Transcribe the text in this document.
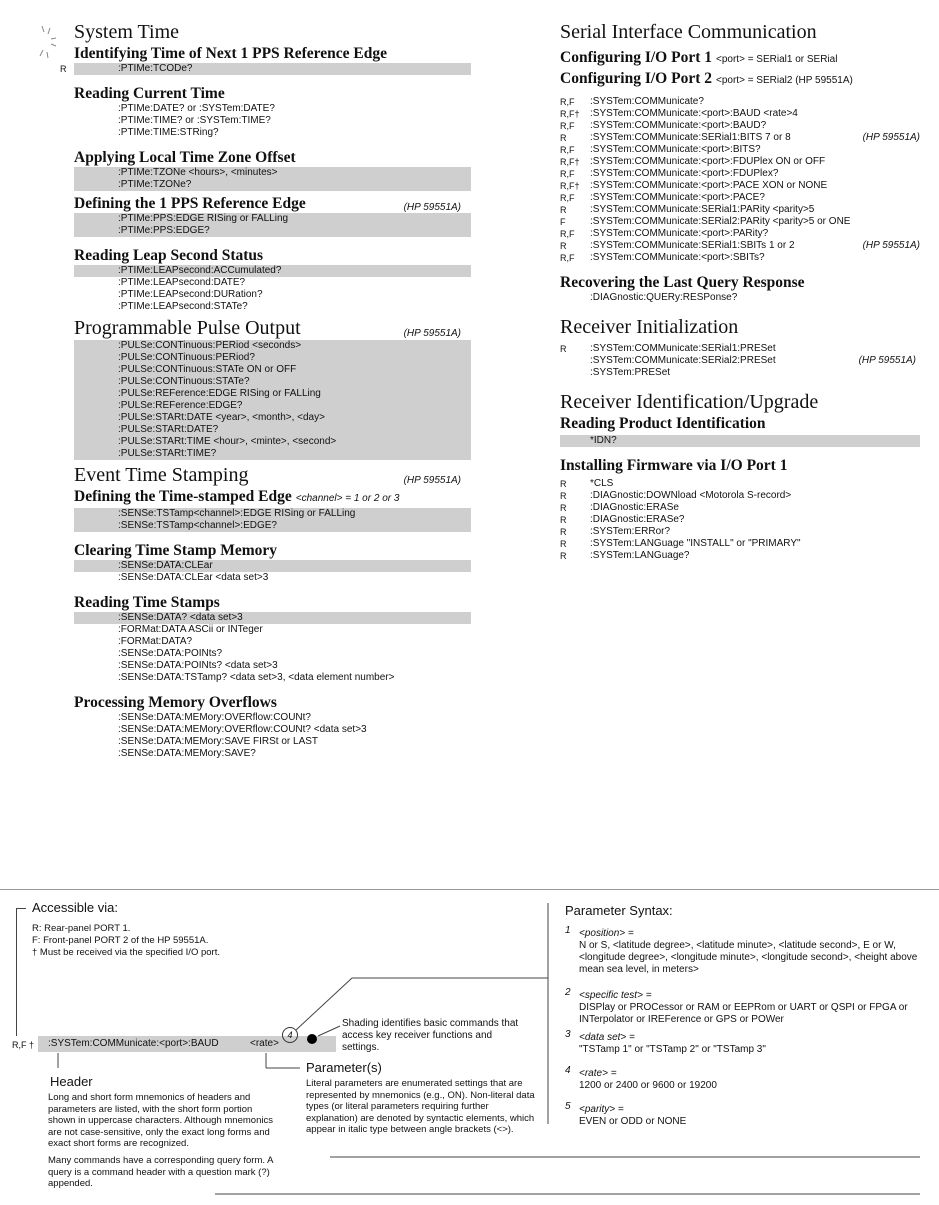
System Time
Identifying Time of Next 1 PPS Reference Edge
R	:PTIMe:TCODe?
Reading Current Time
:PTIMe:DATE? or :SYSTem:DATE?
:PTIMe:TIME? or :SYSTem:TIME?
:PTIMe:TIME:STRing?
Applying Local Time Zone Offset
:PTIMe:TZONe <hours>, <minutes>
:PTIMe:TZONe?
Defining the 1 PPS Reference Edge	(HP 59551A)
:PTIMe:PPS:EDGE RISing or FALLing
:PTIMe:PPS:EDGE?
Reading Leap Second Status
:PTIMe:LEAPsecond:ACCumulated?
:PTIMe:LEAPsecond:DATE?
:PTIMe:LEAPsecond:DURation?
:PTIMe:LEAPsecond:STATe?
Programmable Pulse Output	(HP 59551A)
:PULSe:CONTinuous:PERiod <seconds>
:PULSe:CONTinuous:PERiod?
:PULSe:CONTinuous:STATe ON or OFF
:PULSe:CONTinuous:STATe?
:PULSe:REFerence:EDGE RISing or FALLing
:PULSe:REFerence:EDGE?
:PULSe:STARt:DATE <year>, <month>, <day>
:PULSe:STARt:DATE?
:PULSe:STARt:TIME <hour>, <minte>, <second>
:PULSe:STARt:TIME?
Event Time Stamping	(HP 59551A)
Defining the Time-stamped Edge <channel> = 1 or 2 or 3
:SENSe:TSTamp<channel>:EDGE RISing or FALLing
:SENSe:TSTamp<channel>:EDGE?
Clearing Time Stamp Memory
:SENSe:DATA:CLEar
:SENSe:DATA:CLEar <data set>3
Reading Time Stamps
:SENSe:DATA? <data set>3
:FORMat:DATA ASCii or INTeger
:FORMat:DATA?
:SENSe:DATA:POINts?
:SENSe:DATA:POINts? <data set>3
:SENSe:DATA:TSTamp? <data set>3, <data element number>
Processing Memory Overflows
:SENSe:DATA:MEMory:OVERflow:COUNt?
:SENSe:DATA:MEMory:OVERflow:COUNt? <data set>3
:SENSe:DATA:MEMory:SAVE FIRSt or LAST
:SENSe:DATA:MEMory:SAVE?
Serial Interface Communication
Configuring I/O Port 1 <port> = SERial1 or SERial
Configuring I/O Port 2 <port> = SERial2 (HP 59551A)
R,F :SYSTem:COMMunicate?
R,F† :SYSTem:COMMunicate:<port>:BAUD <rate>4
R,F :SYSTem:COMMunicate:<port>:BAUD?
R :SYSTem:COMMunicate:SERial1:BITS 7 or 8	(HP 59551A)
R,F :SYSTem:COMMunicate:<port>:BITS?
R,F† :SYSTem:COMMunicate:<port>:FDUPlex ON or OFF
R,F :SYSTem:COMMunicate:<port>:FDUPlex?
R,F† :SYSTem:COMMunicate:<port>:PACE XON or NONE
R,F :SYSTem:COMMunicate:<port>:PACE?
R :SYSTem:COMMunicate:SERial1:PARity <parity>5
F :SYSTem:COMMunicate:SERial2:PARity <parity>5 or ONE
R,F :SYSTem:COMMunicate:<port>:PARity?
R :SYSTem:COMMunicate:SERial1:SBITs 1 or 2	(HP 59551A)
R,F :SYSTem:COMMunicate:<port>:SBITs?
Recovering the Last Query Response
:DIAGnostic:QUERy:RESPonse?
Receiver Initialization
R :SYSTem:COMMunicate:SERial1:PRESet
:SYSTem:COMMunicate:SERial2:PRESet	(HP 59551A)
:SYSTem:PRESet
Receiver Identification/Upgrade
Reading Product Identification
*IDN?
Installing Firmware via I/O Port 1
R *CLS
R :DIAGnostic:DOWNload <Motorola S-record>
R :DIAGnostic:ERASe
R :DIAGnostic:ERASe?
R :SYSTem:ERRor?
R :SYSTem:LANGuage "INSTALL" or "PRIMARY"
R :SYSTem:LANGuage?
Accessible via:
R: Rear-panel PORT 1.
F: Front-panel PORT 2 of the HP 59551A.
† Must be received via the specified I/O port.
R,F † :SYSTem:COMMunicate:<port>:BAUD	<rate>
4
Shading identifies basic commands that access key receiver functions and settings.
Header
Long and short form mnemonics of headers and parameters are listed, with the short form portion shown in uppercase characters. Although mnemonics are not case-sensitive, only the exact long forms and exact short forms are recognized.
Many commands have a corresponding query form. A query is a command header with a question mark (?) appended.
Parameter(s)
Literal parameters are enumerated settings that are represented by mnemonics (e.g., ON). Non-literal data types (or literal parameters requiring further explanation) are denoted by syntactic elements, which appear in italic type between angle brackets (<>).
Parameter Syntax:
1 <position> =
N or S, <latitude degree>, <latitude minute>, <latitude second>, E or W, <longitude degree>, <longitude minute>, <longitude second>, <height above mean sea level, in meters>
2 <specific test> =
DISPlay or PROCessor or RAM or EEPRom or UART or QSPI or FPGA or INTerpolator or IREFerence or GPS or POWer
3 <data set> =
"TSTamp 1" or "TSTamp 2" or "TSTamp 3"
4 <rate> =
1200 or 2400 or 9600 or 19200
5 <parity> =
EVEN or ODD or NONE
